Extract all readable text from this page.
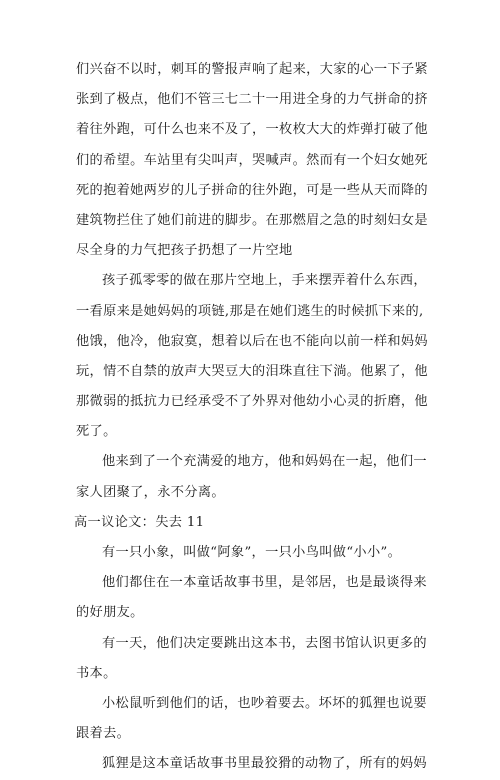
们兴奋不以时，刺耳的警报声响了起来，大家的心一下子紧
张到了极点，他们不管三七二十一用进全身的力气拼命的挤
着往外跑，可什么也来不及了，一枚枚大大的炸弹打破了他
们的希望。车站里有尖叫声，哭喊声。然而有一个妇女她死
死的抱着她两岁的儿子拼命的往外跑，可是一些从天而降的
建筑物拦住了她们前进的脚步。在那燃眉之急的时刻妇女是
尽全身的力气把孩子扔想了一片空地
孩子孤零零的做在那片空地上，手来摆弄着什么东西，
一看原来是她妈妈的项链,那是在她们逃生的时候抓下来的,
他饿，他冷，他寂寞，想着以后在也不能向以前一样和妈妈
玩，情不自禁的放声大哭豆大的泪珠直往下淌。他累了，他
那微弱的抵抗力已经承受不了外界对他幼小心灵的折磨，他
死了。
他来到了一个充满爱的地方，他和妈妈在一起，他们一
家人团聚了，永不分离。
高一议论文：失去 11
有一只小象，叫做“阿象”，一只小鸟叫做“小小”。
他们都住在一本童话故事书里，是邻居，也是最谈得来
的好朋友。
有一天，他们决定要跳出这本书，去图书馆认识更多的
书本。
小松鼠听到他们的话，也吵着要去。坏坏的狐狸也说要
跟着去。
狐狸是这本童话故事书里最狡猾的动物了，所有的妈妈
